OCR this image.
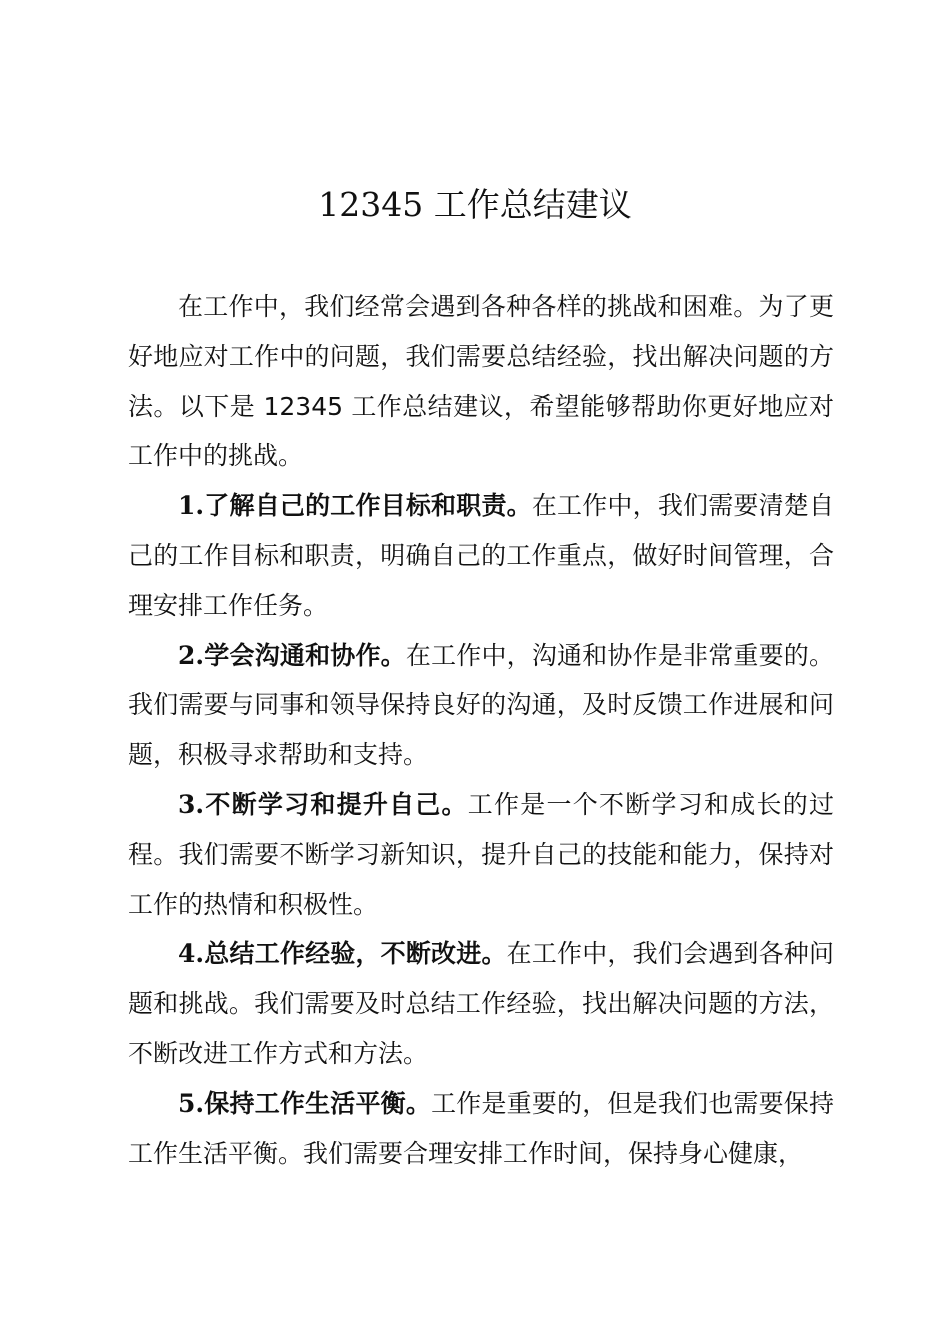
12345 工作总结建议

在工作中，我们经常会遇到各种各样的挑战和困难。为了更好地应对工作中的问题，我们需要总结经验，找出解决问题的方法。以下是 12345 工作总结建议，希望能够帮助你更好地应对工作中的挑战。

1.了解自己的工作目标和职责。在工作中，我们需要清楚自己的工作目标和职责，明确自己的工作重点，做好时间管理，合理安排工作任务。

2.学会沟通和协作。在工作中，沟通和协作是非常重要的。我们需要与同事和领导保持良好的沟通，及时反馈工作进展和问题，积极寻求帮助和支持。

3.不断学习和提升自己。工作是一个不断学习和成长的过程。我们需要不断学习新知识，提升自己的技能和能力，保持对工作的热情和积极性。

4.总结工作经验，不断改进。在工作中，我们会遇到各种问题和挑战。我们需要及时总结工作经验，找出解决问题的方法，不断改进工作方式和方法。

5.保持工作生活平衡。工作是重要的，但是我们也需要保持工作生活平衡。我们需要合理安排工作时间，保持身心健康，
